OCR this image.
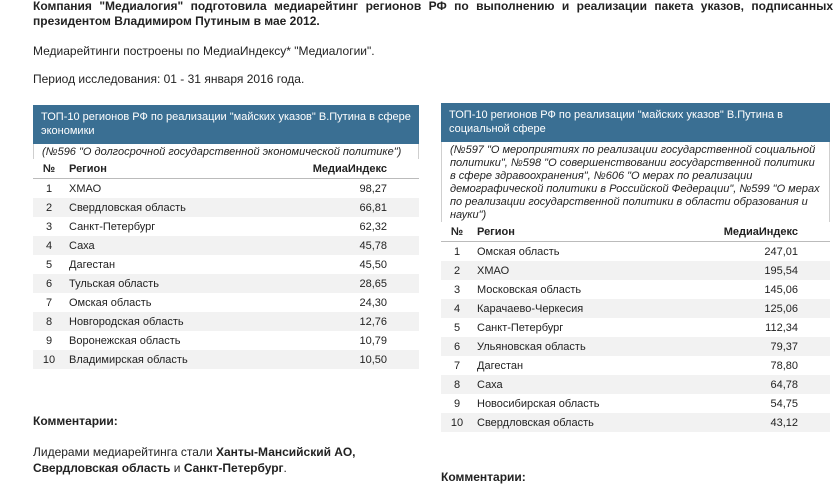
Компания "Медиалогия" подготовила медиарейтинг регионов РФ по выполнению и реализации пакета указов, подписанных президентом Владимиром Путиным в мае 2012.

Медиарейтинги построены по МедиаИндексу* "Медиалогии".

Период исследования: 01 - 31 января 2016 года.

ТОП-10 регионов РФ по реализации "майских указов" В.Путина в сфере экономики
(№596 "О долгосрочной государственной экономической политике")
№	Регион	МедиаИндекс
1	ХМАО	98,27
2	Свердловская область	66,81
3	Санкт-Петербург	62,32
4	Саха	45,78
5	Дагестан	45,50
6	Тульская область	28,65
7	Омская область	24,30
8	Новгородская область	12,76
9	Воронежская область	10,79
10	Владимирская область	10,50
ТОП-10 регионов РФ по реализации "майских указов" В.Путина в социальной сфере
(№597 "О мероприятиях по реализации государственной социальной политики", №598 "О совершенствовании государственной политики в сфере здравоохранения", №606 "О мерах по реализации демографической политики в Российской Федерации", №599 "О мерах по реализации государственной политики в области образования и науки")
№	Регион	МедиаИндекс
1	Омская область	247,01
2	ХМАО	195,54
3	Московская область	145,06
4	Карачаево-Черкесия	125,06
5	Санкт-Петербург	112,34
6	Ульяновская область	79,37
7	Дагестан	78,80
8	Саха	64,78
9	Новосибирская область	54,75
10	Свердловская область	43,12
Комментарии:
Лидерами медиарейтинга стали Ханты-Мансийский АО, Свердловская область и Санкт-Петербург.
Комментарии:
